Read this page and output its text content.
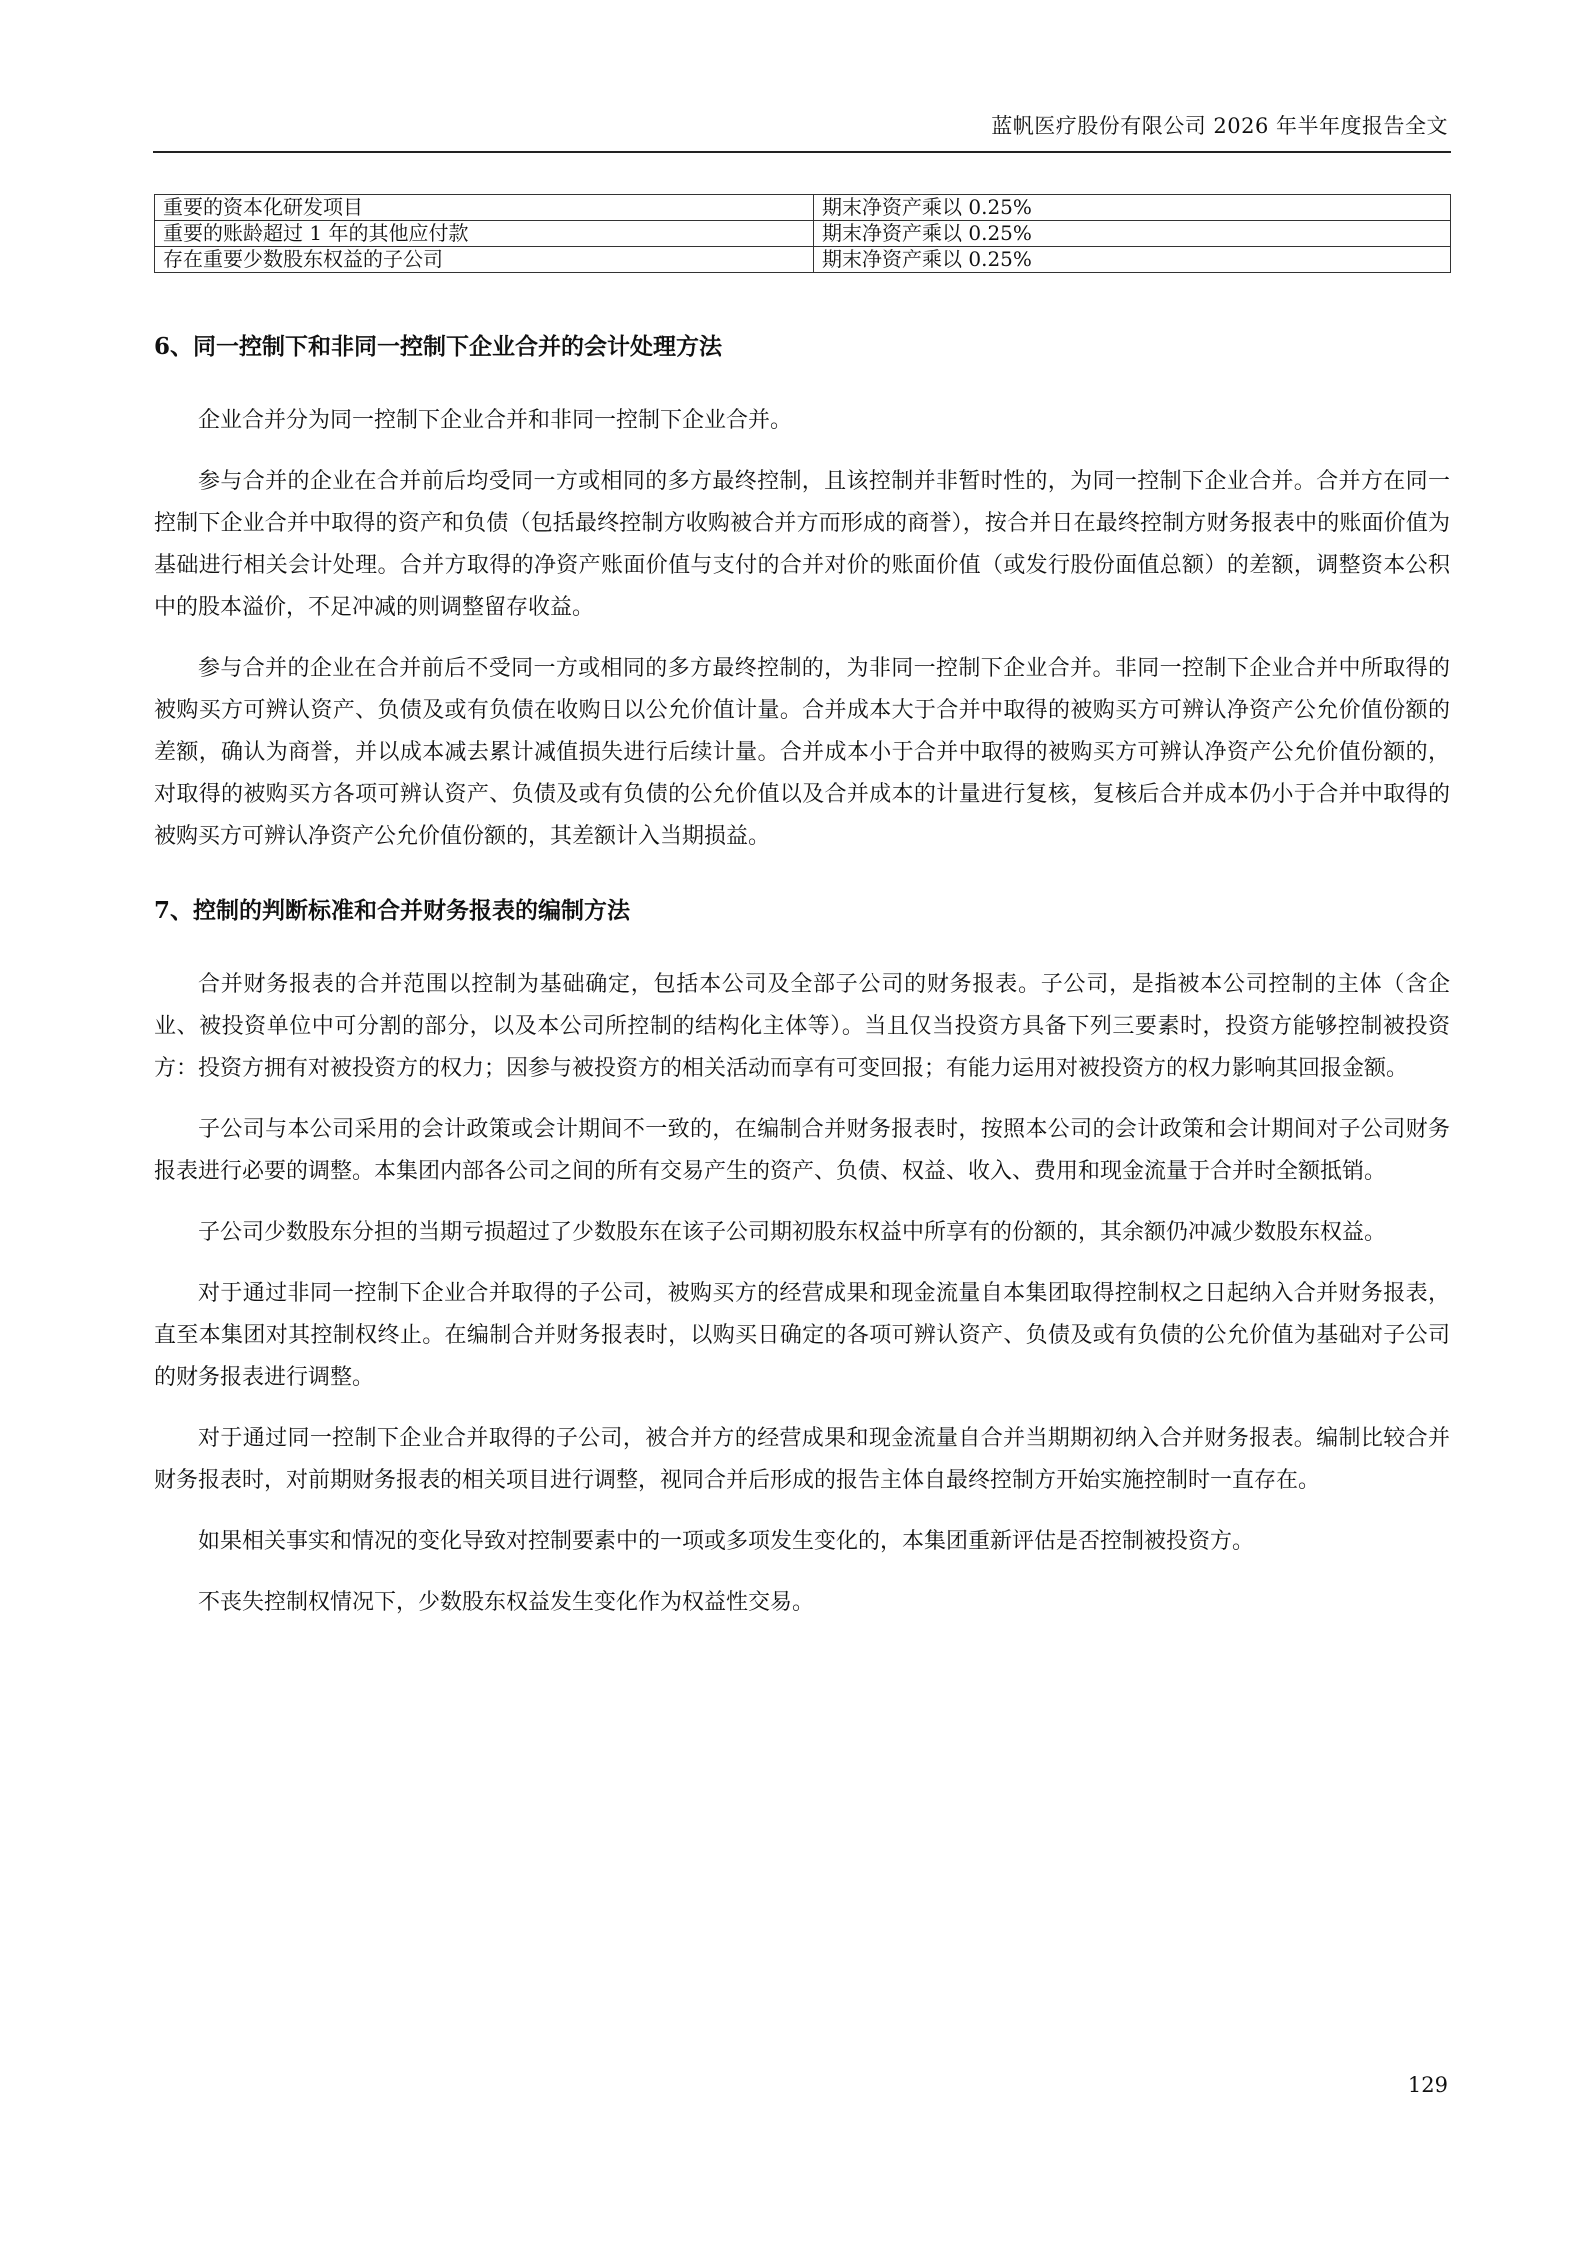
蓝帆医疗股份有限公司 2026 年半年度报告全文
重要的资本化研发项目	期末净资产乘以 0.25%
重要的账龄超过 1 年的其他应付款	期末净资产乘以 0.25%
存在重要少数股东权益的子公司	期末净资产乘以 0.25%
6、同一控制下和非同一控制下企业合并的会计处理方法

企业合并分为同一控制下企业合并和非同一控制下企业合并。

参与合并的企业在合并前后均受同一方或相同的多方最终控制，且该控制并非暂时性的，为同一控制下企业合并。合并方在同一控制下企业合并中取得的资产和负债（包括最终控制方收购被合并方而形成的商誉），按合并日在最终控制方财务报表中的账面价值为基础进行相关会计处理。合并方取得的净资产账面价值与支付的合并对价的账面价值（或发行股份面值总额）的差额，调整资本公积中的股本溢价，不足冲减的则调整留存收益。

参与合并的企业在合并前后不受同一方或相同的多方最终控制的，为非同一控制下企业合并。非同一控制下企业合并中所取得的被购买方可辨认资产、负债及或有负债在收购日以公允价值计量。合并成本大于合并中取得的被购买方可辨认净资产公允价值份额的差额，确认为商誉，并以成本减去累计减值损失进行后续计量。合并成本小于合并中取得的被购买方可辨认净资产公允价值份额的，对取得的被购买方各项可辨认资产、负债及或有负债的公允价值以及合并成本的计量进行复核，复核后合并成本仍小于合并中取得的被购买方可辨认净资产公允价值份额的，其差额计入当期损益。

7、控制的判断标准和合并财务报表的编制方法

合并财务报表的合并范围以控制为基础确定，包括本公司及全部子公司的财务报表。子公司，是指被本公司控制的主体（含企业、被投资单位中可分割的部分，以及本公司所控制的结构化主体等）。当且仅当投资方具备下列三要素时，投资方能够控制被投资方：投资方拥有对被投资方的权力；因参与被投资方的相关活动而享有可变回报；有能力运用对被投资方的权力影响其回报金额。

子公司与本公司采用的会计政策或会计期间不一致的，在编制合并财务报表时，按照本公司的会计政策和会计期间对子公司财务报表进行必要的调整。本集团内部各公司之间的所有交易产生的资产、负债、权益、收入、费用和现金流量于合并时全额抵销。

子公司少数股东分担的当期亏损超过了少数股东在该子公司期初股东权益中所享有的份额的，其余额仍冲减少数股东权益。

对于通过非同一控制下企业合并取得的子公司，被购买方的经营成果和现金流量自本集团取得控制权之日起纳入合并财务报表，直至本集团对其控制权终止。在编制合并财务报表时，以购买日确定的各项可辨认资产、负债及或有负债的公允价值为基础对子公司的财务报表进行调整。

对于通过同一控制下企业合并取得的子公司，被合并方的经营成果和现金流量自合并当期期初纳入合并财务报表。编制比较合并财务报表时，对前期财务报表的相关项目进行调整，视同合并后形成的报告主体自最终控制方开始实施控制时一直存在。

如果相关事实和情况的变化导致对控制要素中的一项或多项发生变化的，本集团重新评估是否控制被投资方。

不丧失控制权情况下，少数股东权益发生变化作为权益性交易。

129
